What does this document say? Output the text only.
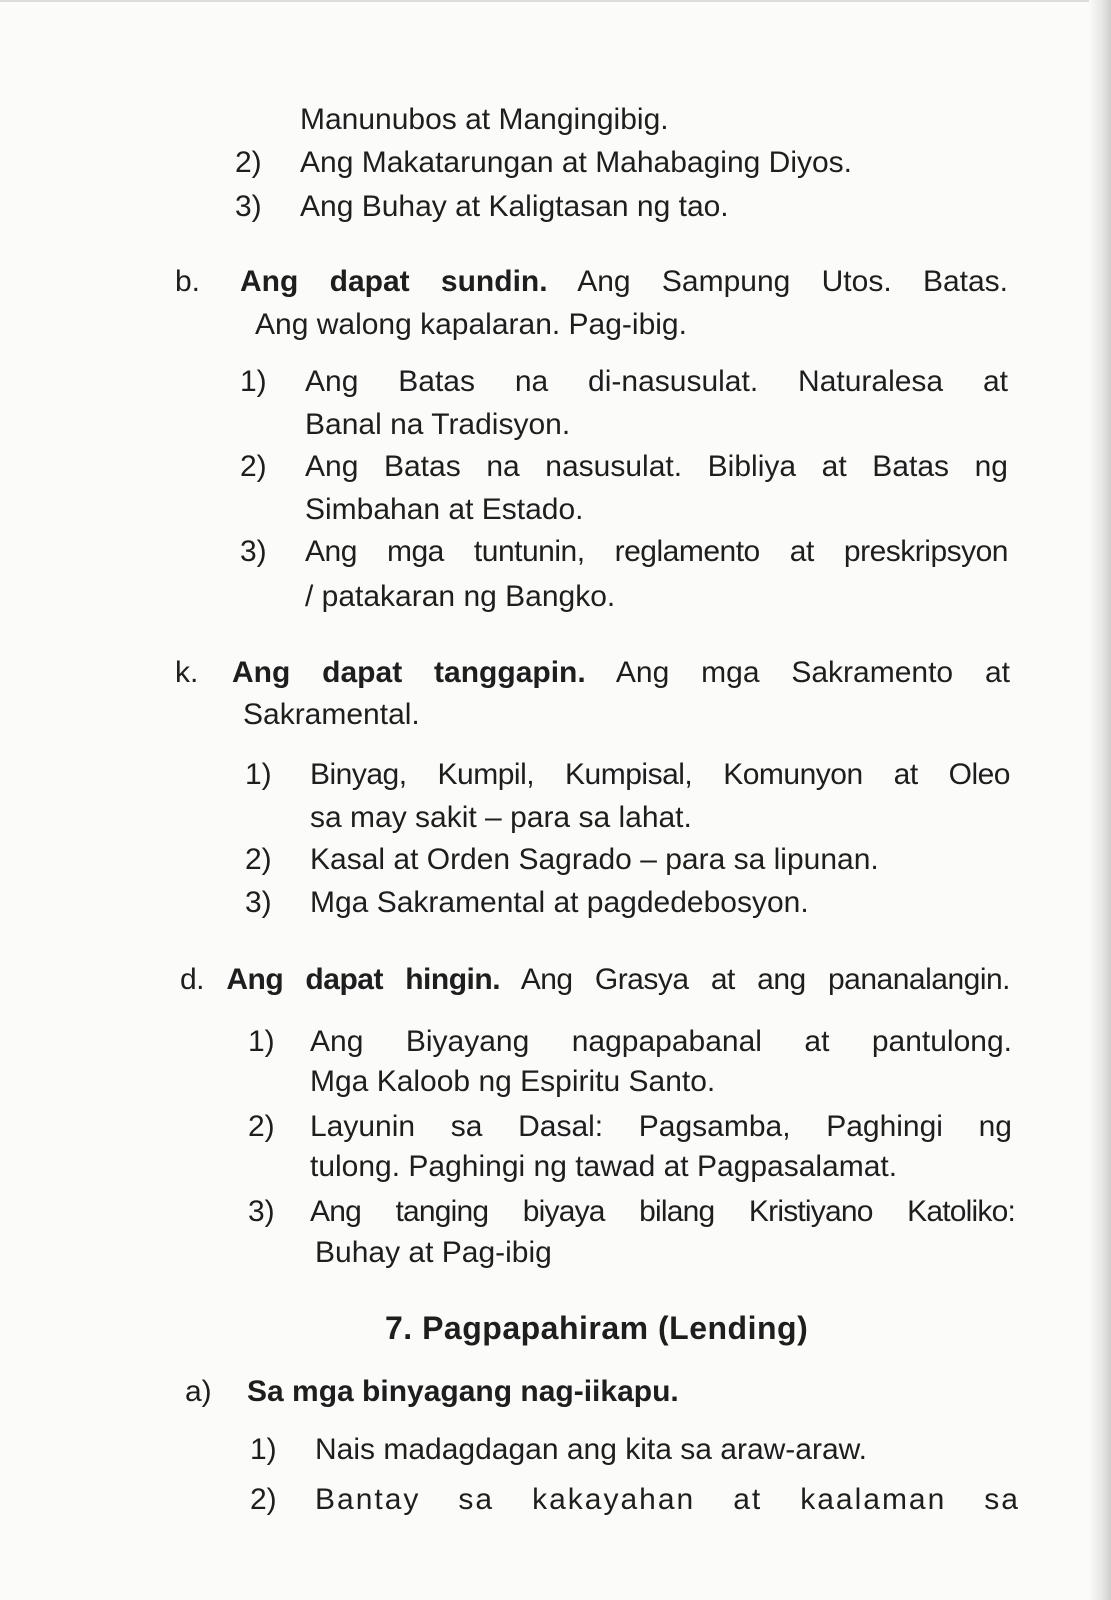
Manunubos at Mangingibig.
2) Ang Makatarungan at Mahabaging Diyos.
3) Ang Buhay at Kaligtasan ng tao.
b. Ang dapat sundin. Ang Sampung Utos. Batas.
Ang walong kapalaran. Pag-ibig.
1) Ang Batas na di-nasusulat. Naturalesa at
Banal na Tradisyon.
2) Ang Batas na nasusulat. Bibliya at Batas ng
Simbahan at Estado.
3) Ang mga tuntunin, reglamento at preskripsyon
/ patakaran ng Bangko.
k. Ang dapat tanggapin. Ang mga Sakramento at
Sakramental.
1) Binyag, Kumpil, Kumpisal, Komunyon at Oleo
sa may sakit – para sa lahat.
2) Kasal at Orden Sagrado – para sa lipunan.
3) Mga Sakramental at pagdedebosyon.
d. Ang dapat hingin. Ang Grasya at ang pananalangin.
1) Ang Biyayang nagpapabanal at pantulong.
Mga Kaloob ng Espiritu Santo.
2) Layunin sa Dasal: Pagsamba, Paghingi ng
tulong. Paghingi ng tawad at Pagpasalamat.
3) Ang tanging biyaya bilang Kristiyano Katoliko:
Buhay at Pag-ibig
7. Pagpapahiram (Lending)
a) Sa mga binyagang nag-iikapu.
1) Nais madagdagan ang kita sa araw-araw.
2) Bantay sa kakayahan at kaalaman sa
